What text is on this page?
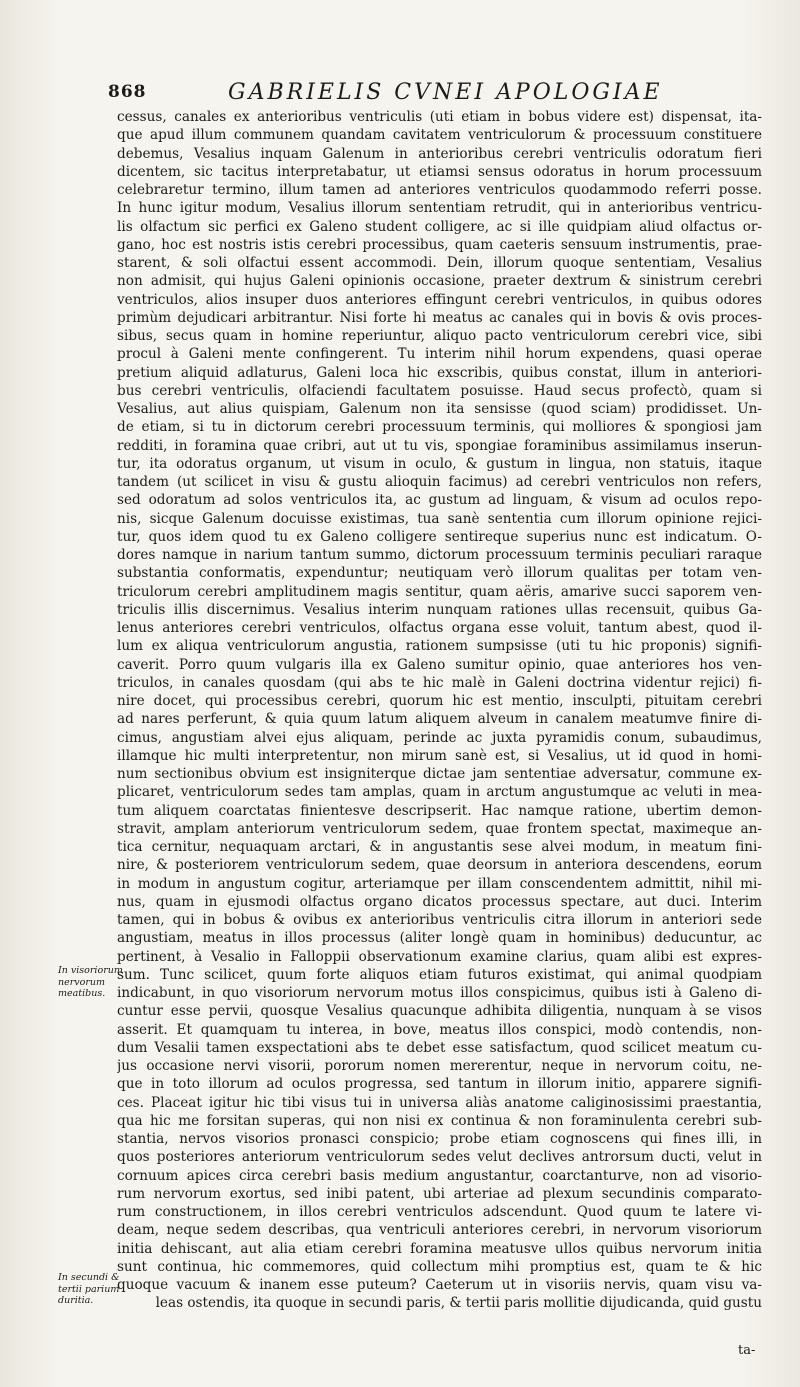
868	GABRIELIS CVNEI APOLOGIAE
cessus, canales ex anterioribus ventriculis (uti etiam in bobus videre est) dispensat, ita-
que apud illum communem quandam cavitatem ventriculorum & processuum constituere
debemus, Vesalius inquam Galenum in anterioribus cerebri ventriculis odoratum fieri
dicentem, sic tacitus interpretabatur, ut etiamsi sensus odoratus in horum processuum
celebraretur termino, illum tamen ad anteriores ventriculos quodammodo referri posse.
In hunc igitur modum, Vesalius illorum sententiam retrudit, qui in anterioribus ventricu-
lis olfactum sic perfici ex Galeno student colligere, ac si ille quidpiam aliud olfactus or-
gano, hoc est nostris istis cerebri processibus, quam caeteris sensuum instrumentis, prae-
starent, & soli olfactui essent accommodi. Dein, illorum quoque sententiam, Vesalius
non admisit, qui hujus Galeni opinionis occasione, praeter dextrum & sinistrum cerebri
ventriculos, alios insuper duos anteriores effingunt cerebri ventriculos, in quibus odores
primùm dejudicari arbitrantur. Nisi forte hi meatus ac canales qui in bovis & ovis proces-
sibus, secus quam in homine reperiuntur, aliquo pacto ventriculorum cerebri vice, sibi
procul à Galeni mente confingerent. Tu interim nihil horum expendens, quasi operae
pretium aliquid adlaturus, Galeni loca hic exscribis, quibus constat, illum in anteriori-
bus cerebri ventriculis, olfaciendi facultatem posuisse. Haud secus profectò, quam si
Vesalius, aut alius quispiam, Galenum non ita sensisse (quod sciam) prodidisset. Un-
de etiam, si tu in dictorum cerebri processuum terminis, qui molliores & spongiosi jam
redditi, in foramina quae cribri, aut ut tu vis, spongiae foraminibus assimilamus inserun-
tur, ita odoratus organum, ut visum in oculo, & gustum in lingua, non statuis, itaque
tandem (ut scilicet in visu & gustu alioquin facimus) ad cerebri ventriculos non refers,
sed odoratum ad solos ventriculos ita, ac gustum ad linguam, & visum ad oculos repo-
nis, sicque Galenum docuisse existimas, tua sanè sententia cum illorum opinione rejici-
tur, quos idem quod tu ex Galeno colligere sentireque superius nunc est indicatum. O-
dores namque in narium tantum summo, dictorum processuum terminis peculiari raraque
substantia conformatis, expenduntur; neutiquam verò illorum qualitas per totam ven-
triculorum cerebri amplitudinem magis sentitur, quam aëris, amarive succi saporem ven-
triculis illis discernimus. Vesalius interim nunquam rationes ullas recensuit, quibus Ga-
lenus anteriores cerebri ventriculos, olfactus organa esse voluit, tantum abest, quod il-
lum ex aliqua ventriculorum angustia, rationem sumpsisse (uti tu hic proponis) signifi-
caverit. Porro quum vulgaris illa ex Galeno sumitur opinio, quae anteriores hos ven-
triculos, in canales quosdam (qui abs te hic malè in Galeni doctrina videntur rejici) fi-
nire docet, qui processibus cerebri, quorum hic est mentio, insculpti, pituitam cerebri
ad nares perferunt, & quia quum latum aliquem alveum in canalem meatumve finire di-
cimus, angustiam alvei ejus aliquam, perinde ac juxta pyramidis conum, subaudimus,
illamque hic multi interpretentur, non mirum sanè est, si Vesalius, ut id quod in homi-
num sectionibus obvium est insigniterque dictae jam sententiae adversatur, commune ex-
plicaret, ventriculorum sedes tam amplas, quam in arctum angustumque ac veluti in mea-
tum aliquem coarctatas finientesve descripserit. Hac namque ratione, ubertim demon-
stravit, amplam anteriorum ventriculorum sedem, quae frontem spectat, maximeque an-
tica cernitur, nequaquam arctari, & in angustantis sese alvei modum, in meatum fini-
nire, & posteriorem ventriculorum sedem, quae deorsum in anteriora descendens, eorum
in modum in angustum cogitur, arteriamque per illam conscendentem admittit, nihil mi-
nus, quam in ejusmodi olfactus organo dicatos processus spectare, aut duci. Interim
tamen, qui in bobus & ovibus ex anterioribus ventriculis citra illorum in anteriori sede
angustiam, meatus in illos processus (aliter longè quam in hominibus) deducuntur, ac
pertinent, à Vesalio in Falloppii observationum examine clarius, quam alibi est expres-
sum. Tunc scilicet, quum forte aliquos etiam futuros existimat, qui animal quodpiam
indicabunt, in quo visoriorum nervorum motus illos conspicimus, quibus isti à Galeno di-
cuntur esse pervii, quosque Vesalius quacunque adhibita diligentia, nunquam à se visos
asserit. Et quamquam tu interea, in bove, meatus illos conspici, modò contendis, non-
dum Vesalii tamen exspectationi abs te debet esse satisfactum, quod scilicet meatum cu-
jus occasione nervi visorii, pororum nomen mererentur, neque in nervorum coitu, ne-
que in toto illorum ad oculos progressa, sed tantum in illorum initio, apparere signifi-
ces. Placeat igitur hic tibi visus tui in universa aliàs anatome caliginosissimi praestantia,
qua hic me forsitan superas, qui non nisi ex continua & non foraminulenta cerebri sub-
stantia, nervos visorios pronasci conspicio; probe etiam cognoscens qui fines illi, in
quos posteriores anteriorum ventriculorum sedes velut declives antrorsum ducti, velut in
cornuum apices circa cerebri basis medium angustantur, coarctanturve, non ad visorio-
rum nervorum exortus, sed inibi patent, ubi arteriae ad plexum secundinis comparato-
rum constructionem, in illos cerebri ventriculos adscendunt. Quod quum te latere vi-
deam, neque sedem describas, qua ventriculi anteriores cerebri, in nervorum visoriorum
initia dehiscant, aut alia etiam cerebri foramina meatusve ullos quibus nervorum initia
sunt continua, hic commemores, quid collectum mihi promptius est, quam te & hic
quoque vacuum & inanem esse puteum? Caeterum ut in visoriis nervis, quam visu va-
leas ostendis, ita quoque in secundi paris, & tertii paris mollitie dijudicanda, quid gustu
In visoriorum
nervorum
meatibus.
In secundi &
tertii parium
duritia.
ta-
